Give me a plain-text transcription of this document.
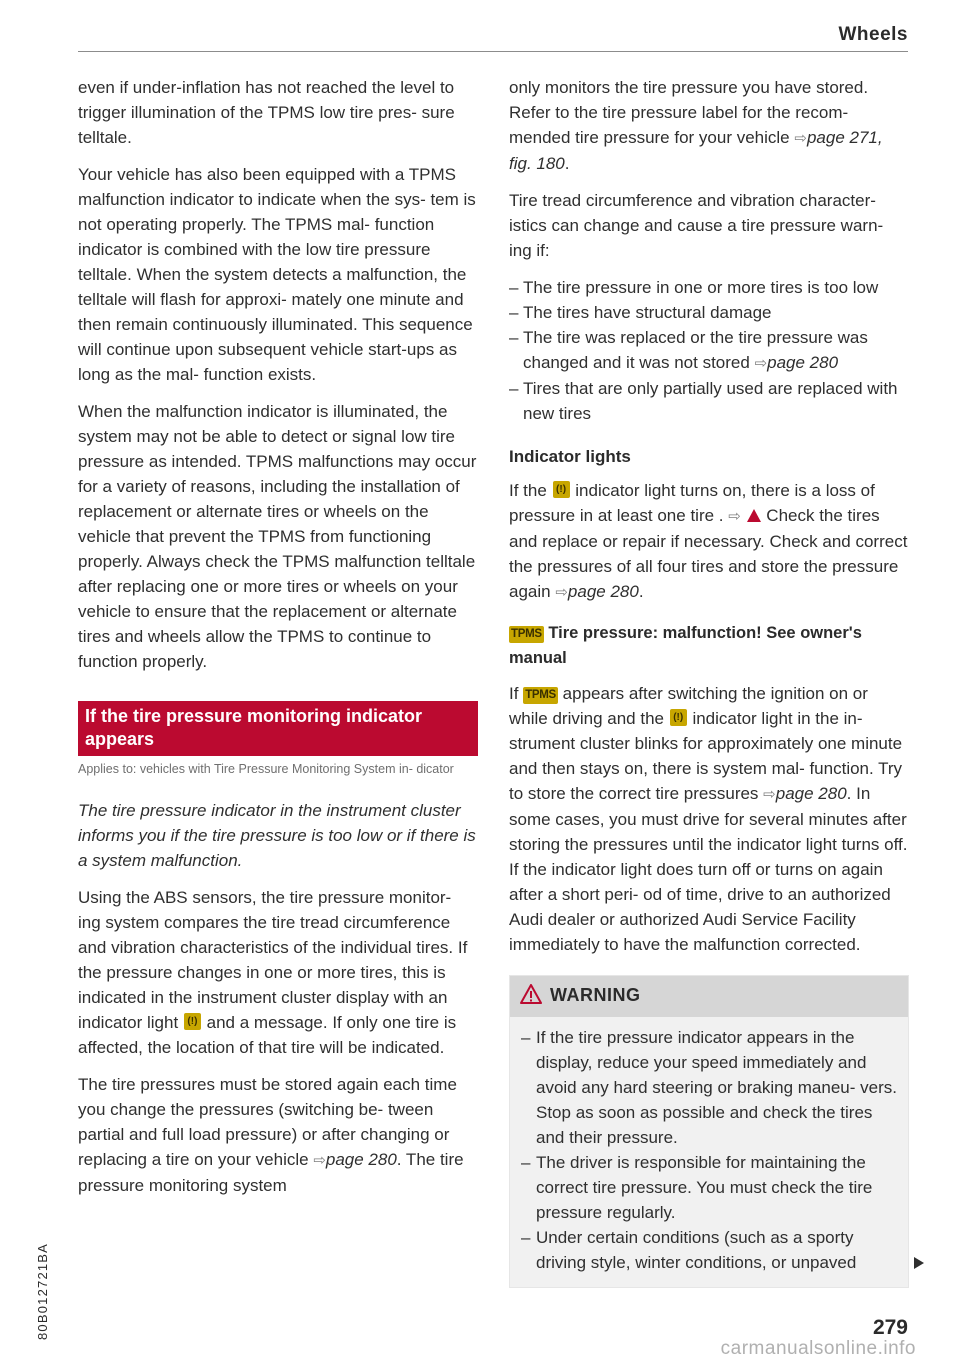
Wheels

even if under-inflation has not reached the level to trigger illumination of the TPMS low tire pres- sure telltale.

Your vehicle has also been equipped with a TPMS malfunction indicator to indicate when the sys- tem is not operating properly. The TPMS mal- function indicator is combined with the low tire pressure telltale. When the system detects a malfunction, the telltale will flash for approxi- mately one minute and then remain continuously illuminated. This sequence will continue upon subsequent vehicle start-ups as long as the mal- function exists.

When the malfunction indicator is illuminated, the system may not be able to detect or signal low tire pressure as intended. TPMS malfunctions may occur for a variety of reasons, including the installation of replacement or alternate tires or wheels on the vehicle that prevent the TPMS from functioning properly. Always check the TPMS malfunction telltale after replacing one or more tires or wheels on your vehicle to ensure that the replacement or alternate tires and wheels allow the TPMS to continue to function properly.

If the tire pressure monitoring indicator appears
Applies to: vehicles with Tire Pressure Monitoring System in- dicator
The tire pressure indicator in the instrument cluster informs you if the tire pressure is too low or if there is a system malfunction.

Using the ABS sensors, the tire pressure monitor- ing system compares the tire tread circumference and vibration characteristics of the individual tires. If the pressure changes in one or more tires, this is indicated in the instrument cluster display with an indicator light (!) and a message. If only one tire is affected, the location of that tire will be indicated.

The tire pressures must be stored again each time you change the pressures (switching be- tween partial and full load pressure) or after changing or replacing a tire on your vehicle ⇨page 280. The tire pressure monitoring system

only monitors the tire pressure you have stored. Refer to the tire pressure label for the recom- mended tire pressure for your vehicle ⇨page 271, fig. 180.

Tire tread circumference and vibration character- istics can change and cause a tire pressure warn- ing if:

– The tire pressure in one or more tires is too low
– The tires have structural damage
– The tire was replaced or the tire pressure was changed and it was not stored ⇨page 280
– Tires that are only partially used are replaced with new tires
Indicator lights

If the (!) indicator light turns on, there is a loss of pressure in at least one tire . ⇨ Check the tires and replace or repair if necessary. Check and correct the pressures of all four tires and store the pressure again ⇨page 280.

TPMS Tire pressure: malfunction! See owner's manual

If TPMS appears after switching the ignition on or while driving and the (!) indicator light in the in- strument cluster blinks for approximately one minute and then stays on, there is system mal- function. Try to store the correct tire pressures ⇨page 280. In some cases, you must drive for several minutes after storing the pressures until the indicator light turns off. If the indicator light does turn off or turns on again after a short peri- od of time, drive to an authorized Audi dealer or authorized Audi Service Facility immediately to have the malfunction corrected.

WARNING
– If the tire pressure indicator appears in the display, reduce your speed immediately and avoid any hard steering or braking maneu- vers. Stop as soon as possible and check the tires and their pressure.
– The driver is responsible for maintaining the correct tire pressure. You must check the tire pressure regularly.
– Under certain conditions (such as a sporty driving style, winter conditions, or unpaved
80B012721BA	279
carmanualsonline.info
